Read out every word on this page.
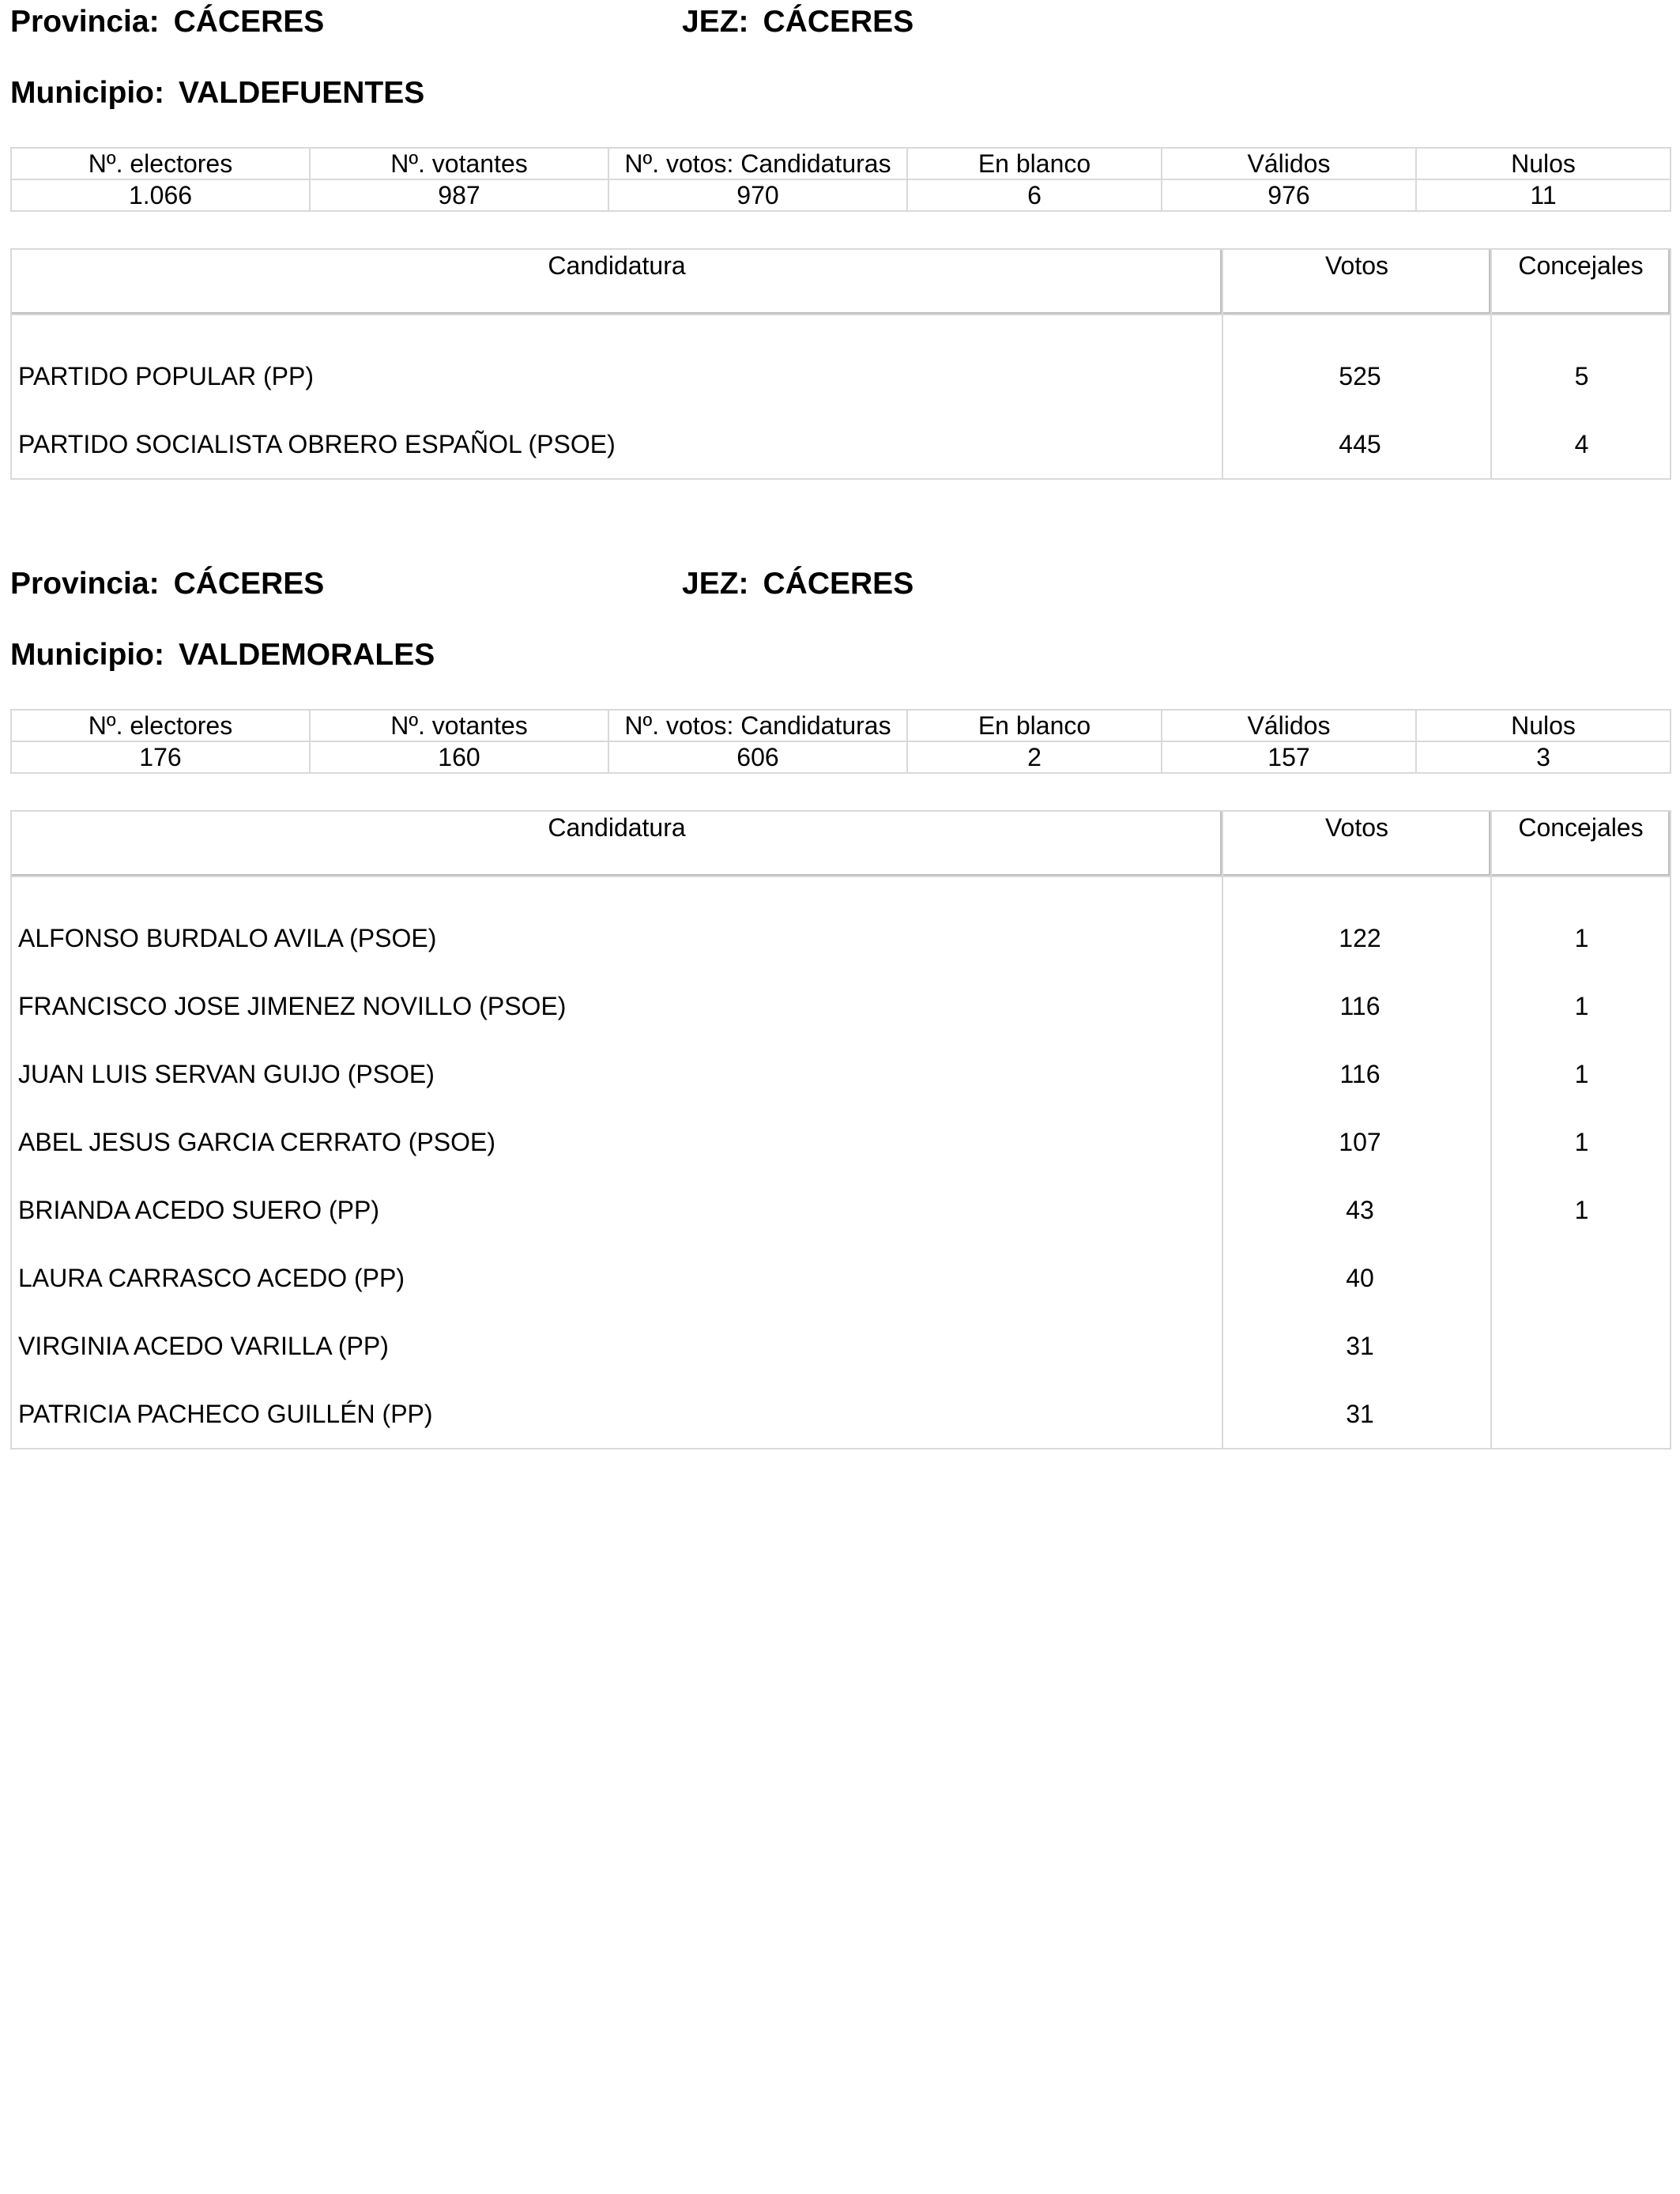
Provincia: CÁCERES	JEZ: CÁCERES
Municipio: VALDEFUENTES
Nº. electores	Nº. votantes	Nº. votos: Candidaturas	En blanco	Válidos	Nulos
1.066	987	970	6	976	11
Candidatura	Votos	Concejales
PARTIDO POPULAR (PP)	525	5
PARTIDO SOCIALISTA OBRERO ESPAÑOL (PSOE)	445	4
Provincia: CÁCERES	JEZ: CÁCERES
Municipio: VALDEMORALES
Nº. electores	Nº. votantes	Nº. votos: Candidaturas	En blanco	Válidos	Nulos
176	160	606	2	157	3
Candidatura	Votos	Concejales
ALFONSO BURDALO AVILA (PSOE)	122	1
FRANCISCO JOSE JIMENEZ NOVILLO (PSOE)	116	1
JUAN LUIS SERVAN GUIJO (PSOE)	116	1
ABEL JESUS GARCIA CERRATO (PSOE)	107	1
BRIANDA ACEDO SUERO (PP)	43	1
LAURA CARRASCO ACEDO (PP)	40	
VIRGINIA ACEDO VARILLA (PP)	31	
PATRICIA PACHECO GUILLÉN (PP)	31	
